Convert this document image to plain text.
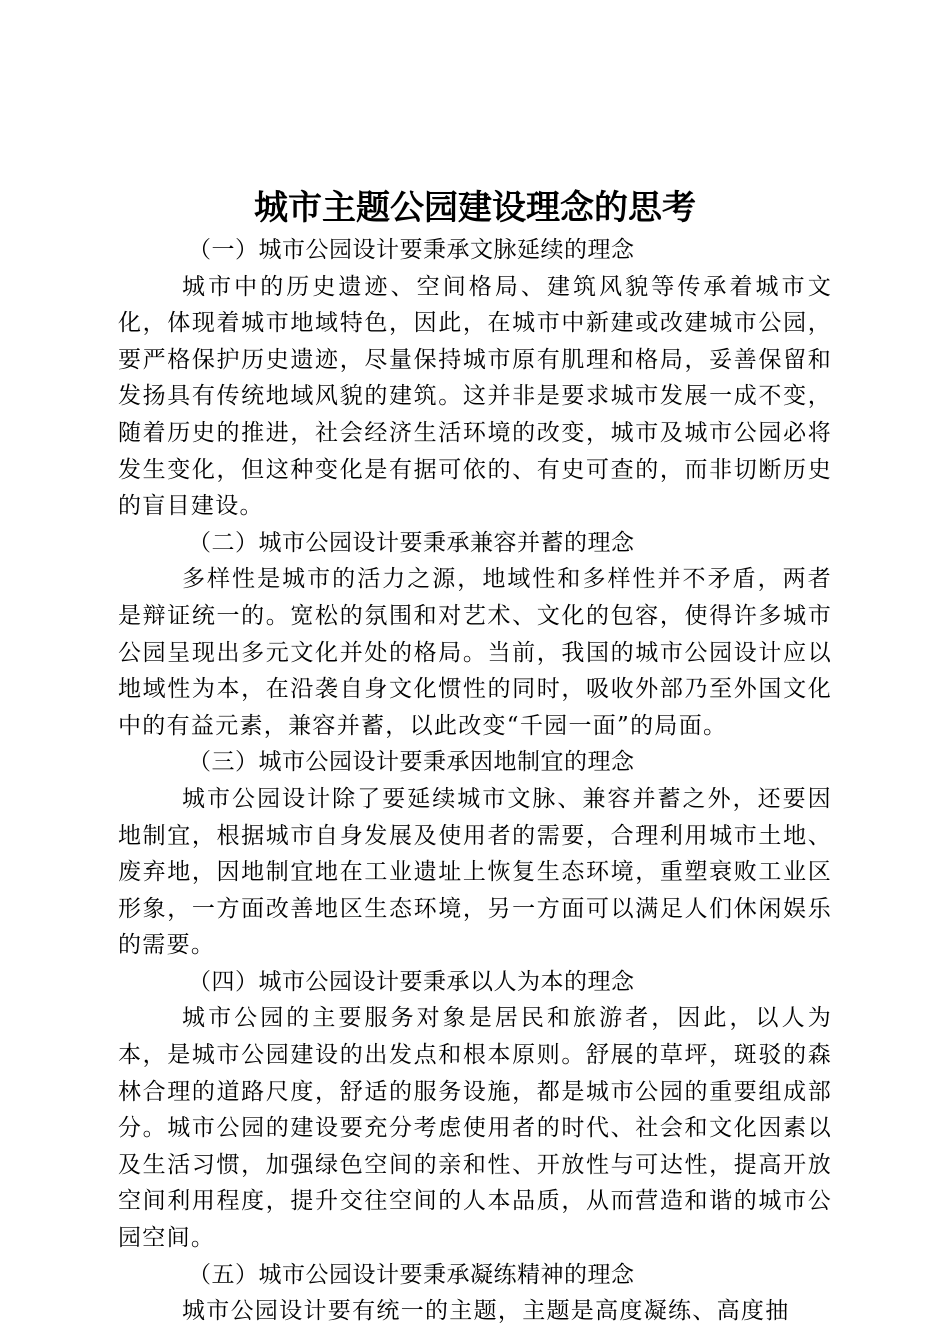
城市主题公园建设理念的思考

（一）城市公园设计要秉承文脉延续的理念

城市中的历史遗迹、空间格局、建筑风貌等传承着城市文化，体现着城市地域特色，因此，在城市中新建或改建城市公园，要严格保护历史遗迹，尽量保持城市原有肌理和格局，妥善保留和发扬具有传统地域风貌的建筑。这并非是要求城市发展一成不变，随着历史的推进，社会经济生活环境的改变，城市及城市公园必将发生变化，但这种变化是有据可依的、有史可查的，而非切断历史的盲目建设。

（二）城市公园设计要秉承兼容并蓄的理念

多样性是城市的活力之源，地域性和多样性并不矛盾，两者是辩证统一的。宽松的氛围和对艺术、文化的包容，使得许多城市公园呈现出多元文化并处的格局。当前，我国的城市公园设计应以地域性为本，在沿袭自身文化惯性的同时，吸收外部乃至外国文化中的有益元素，兼容并蓄，以此改变“千园一面”的局面。

（三）城市公园设计要秉承因地制宜的理念

城市公园设计除了要延续城市文脉、兼容并蓄之外，还要因地制宜，根据城市自身发展及使用者的需要，合理利用城市土地、废弃地，因地制宜地在工业遗址上恢复生态环境，重塑衰败工业区形象，一方面改善地区生态环境，另一方面可以满足人们休闲娱乐的需要。

（四）城市公园设计要秉承以人为本的理念

城市公园的主要服务对象是居民和旅游者，因此，以人为本，是城市公园建设的出发点和根本原则。舒展的草坪，斑驳的森林合理的道路尺度，舒适的服务设施，都是城市公园的重要组成部分。城市公园的建设要充分考虑使用者的时代、社会和文化因素以及生活习惯，加强绿色空间的亲和性、开放性与可达性，提高开放空间利用程度，提升交往空间的人本品质，从而营造和谐的城市公园空间。

（五）城市公园设计要秉承凝练精神的理念

城市公园设计要有统一的主题，主题是高度凝练、高度抽
